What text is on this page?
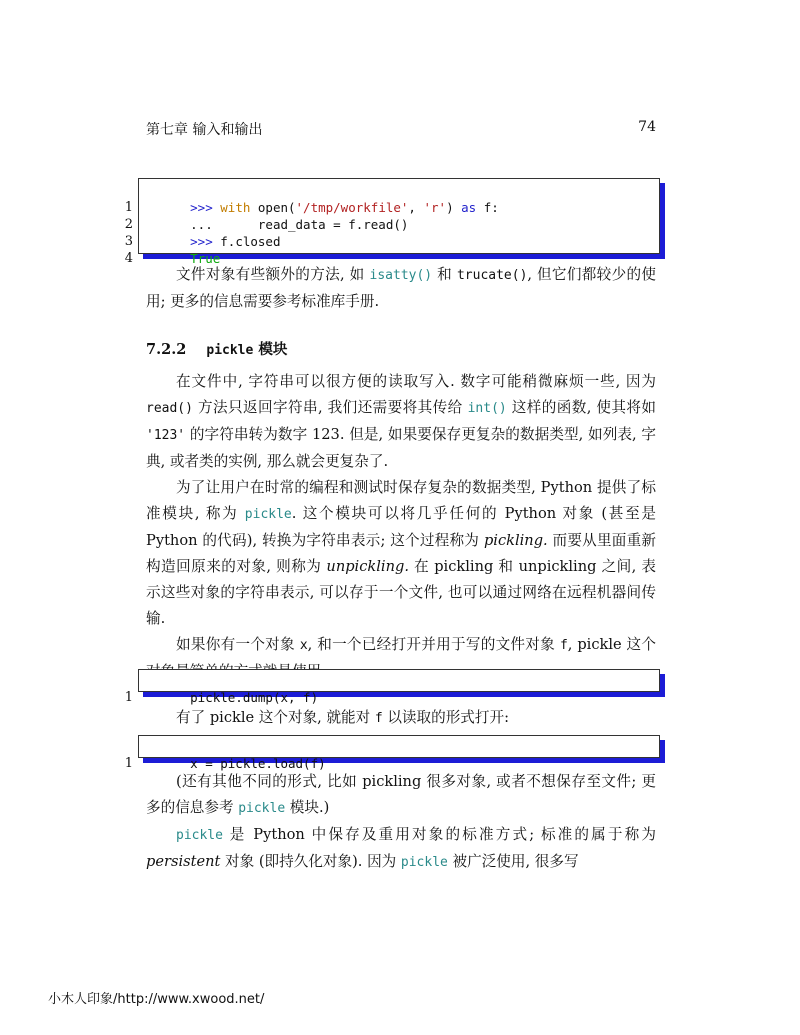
第七章 输入和输出	74

1	>>> with open('/tmp/workfile', 'r') as f:

2	...      read_data = f.read()

3	>>> f.closed

4	True

文件对象有些额外的方法, 如 isatty() 和 trucate(), 但它们都较少的使用; 更多的信息需要参考标准库手册.

7.2.2 pickle 模块

在文件中, 字符串可以很方便的读取写入. 数字可能稍微麻烦一些, 因为 read() 方法只返回字符串, 我们还需要将其传给 int() 这样的函数, 使其将如 '123' 的字符串转为数字 123. 但是, 如果要保存更复杂的数据类型, 如列表, 字典, 或者类的实例, 那么就会更复杂了.

为了让用户在时常的编程和测试时保存复杂的数据类型, Python 提供了标准模块, 称为 pickle. 这个模块可以将几乎任何的 Python 对象 (甚至是 Python 的代码), 转换为字符串表示; 这个过程称为 pickling. 而要从里面重新构造回原来的对象, 则称为 unpickling. 在 pickling 和 unpickling 之间, 表示这些对象的字符串表示, 可以存于一个文件, 也可以通过网络在远程机器间传输.

如果你有一个对象 x, 和一个已经打开并用于写的文件对象 f, pickle 这个

1	pickle.dump(x, f)

有了 pickle 这个对象, 就能对 f 以读取的形式打开:

1	x = pickle.load(f)

(还有其他不同的形式, 比如 pickling 很多对象, 或者不想保存至文件; 更多的信息参考 pickle 模块.)

pickle 是 Python 中保存及重用对象的标准方式; 标准的属于称为 persistent 对象 (即持久化对象). 因为 pickle 被广泛使用, 很多写

小木人印象/http://www.xwood.net/
